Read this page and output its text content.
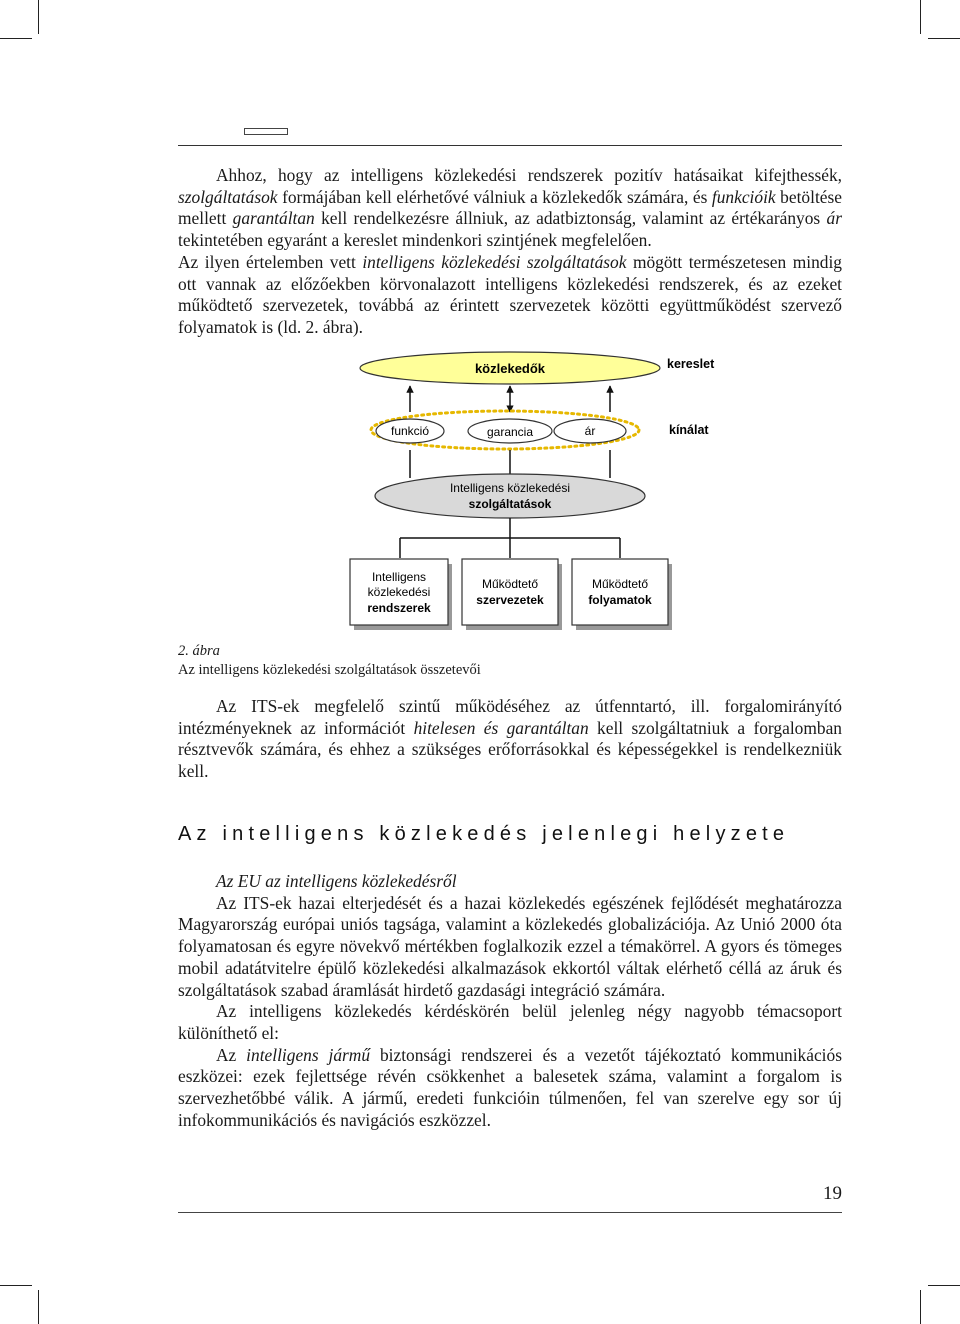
Ahhoz, hogy az intelligens közlekedési rendszerek pozitív hatásaikat kifejthessék, szolgáltatások formájában kell elérhetővé válniuk a közlekedők számára, és funkcióik betöltése mellett garantáltan kell rendelkezésre állniuk, az adatbiztonság, valamint az értékarányos ár tekintetében egyaránt a kereslet mindenkori szintjének megfelelően.

Az ilyen értelemben vett intelligens közlekedési szolgáltatások mögött természetesen mindig ott vannak az előzőekben körvonalazott intelligens közlekedési rendszerek, és az ezeket működtető szervezetek, továbbá az érintett szervezetek közötti együttműködést szervező folyamatok is (ld. 2. ábra).

közlekedők	kereslet
funkció	garancia	ár	kínálat
Intelligens közlekedési
szolgáltatások
Intelligens
közlekedési
rendszerek
Működtető
szervezetek
Működtető
folyamatok
2. ábra
Az intelligens közlekedési szolgáltatások összetevői

Az ITS-ek megfelelő szintű működéséhez az útfenntartó, ill. forgalomirányító intézményeknek az információt hitelesen és garantáltan kell szolgáltatniuk a forgalomban résztvevők számára, és ehhez a szükséges erőforrásokkal és képességekkel is rendelkezniük kell.

Az intelligens közlekedés jelenlegi helyzete

Az EU az intelligens közlekedésről

Az ITS-ek hazai elterjedését és a hazai közlekedés egészének fejlődését meghatározza Magyarország európai uniós tagsága, valamint a közlekedés globalizációja. Az Unió 2000 óta folyamatosan és egyre növekvő mértékben foglalkozik ezzel a témakörrel. A gyors és tömeges mobil adatátvitelre épülő közlekedési alkalmazások ekkortól váltak elérhető céllá az áruk és szolgáltatások szabad áramlását hirdető gazdasági integráció számára.

Az intelligens közlekedés kérdéskörén belül jelenleg négy nagyobb témacsoport különíthető el:

Az intelligens jármű biztonsági rendszerei és a vezetőt tájékoztató kommunikációs eszközei: ezek fejlettsége révén csökkenhet a balesetek száma, valamint a forgalom is szervezhetőbbé válik. A jármű, eredeti funkcióin túlmenően, fel van szerelve egy sor új infokommunikációs és navigációs eszközzel.

19
